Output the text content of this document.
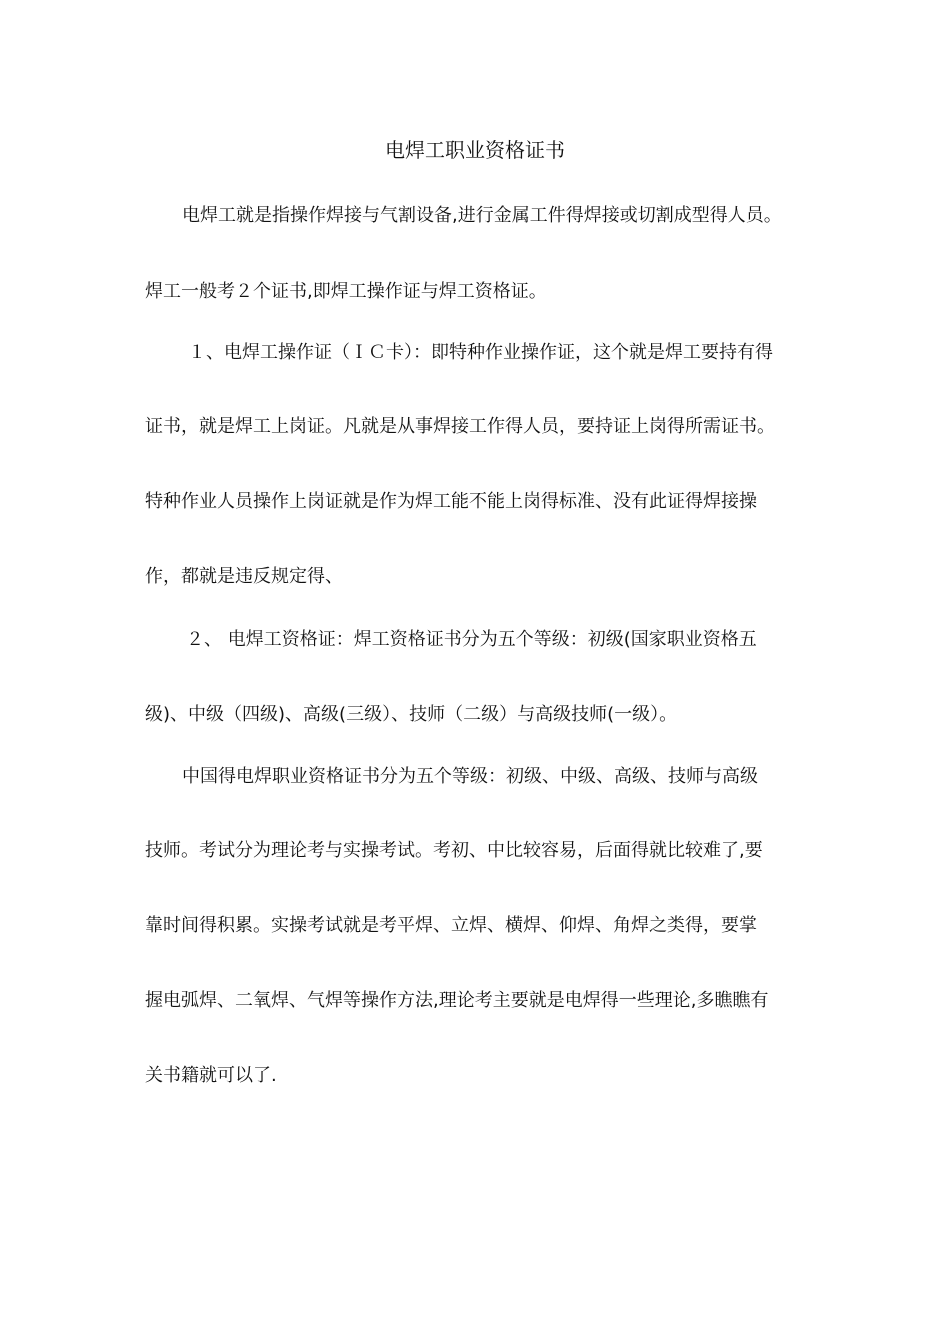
电焊工职业资格证书
电焊工就是指操作焊接与气割设备,进行金属工件得焊接或切割成型得人员。
焊工一般考２个证书,即焊工操作证与焊工资格证。
１、电焊工操作证（ＩＣ卡）：即特种作业操作证，这个就是焊工要持有得
证书，就是焊工上岗证。凡就是从事焊接工作得人员，要持证上岗得所需证书。
特种作业人员操作上岗证就是作为焊工能不能上岗得标准、没有此证得焊接操
作，都就是违反规定得、
２、 电焊工资格证：焊工资格证书分为五个等级：初级(国家职业资格五
级)、中级（四级)、高级(三级）、技师（二级）与高级技师(一级）。
中国得电焊职业资格证书分为五个等级：初级、中级、高级、技师与高级
技师。考试分为理论考与实操考试。考初、中比较容易，后面得就比较难了,要
靠时间得积累。实操考试就是考平焊、立焊、横焊、仰焊、角焊之类得，要掌
握电弧焊、二氧焊、气焊等操作方法,理论考主要就是电焊得一些理论,多瞧瞧有
关书籍就可以了.
